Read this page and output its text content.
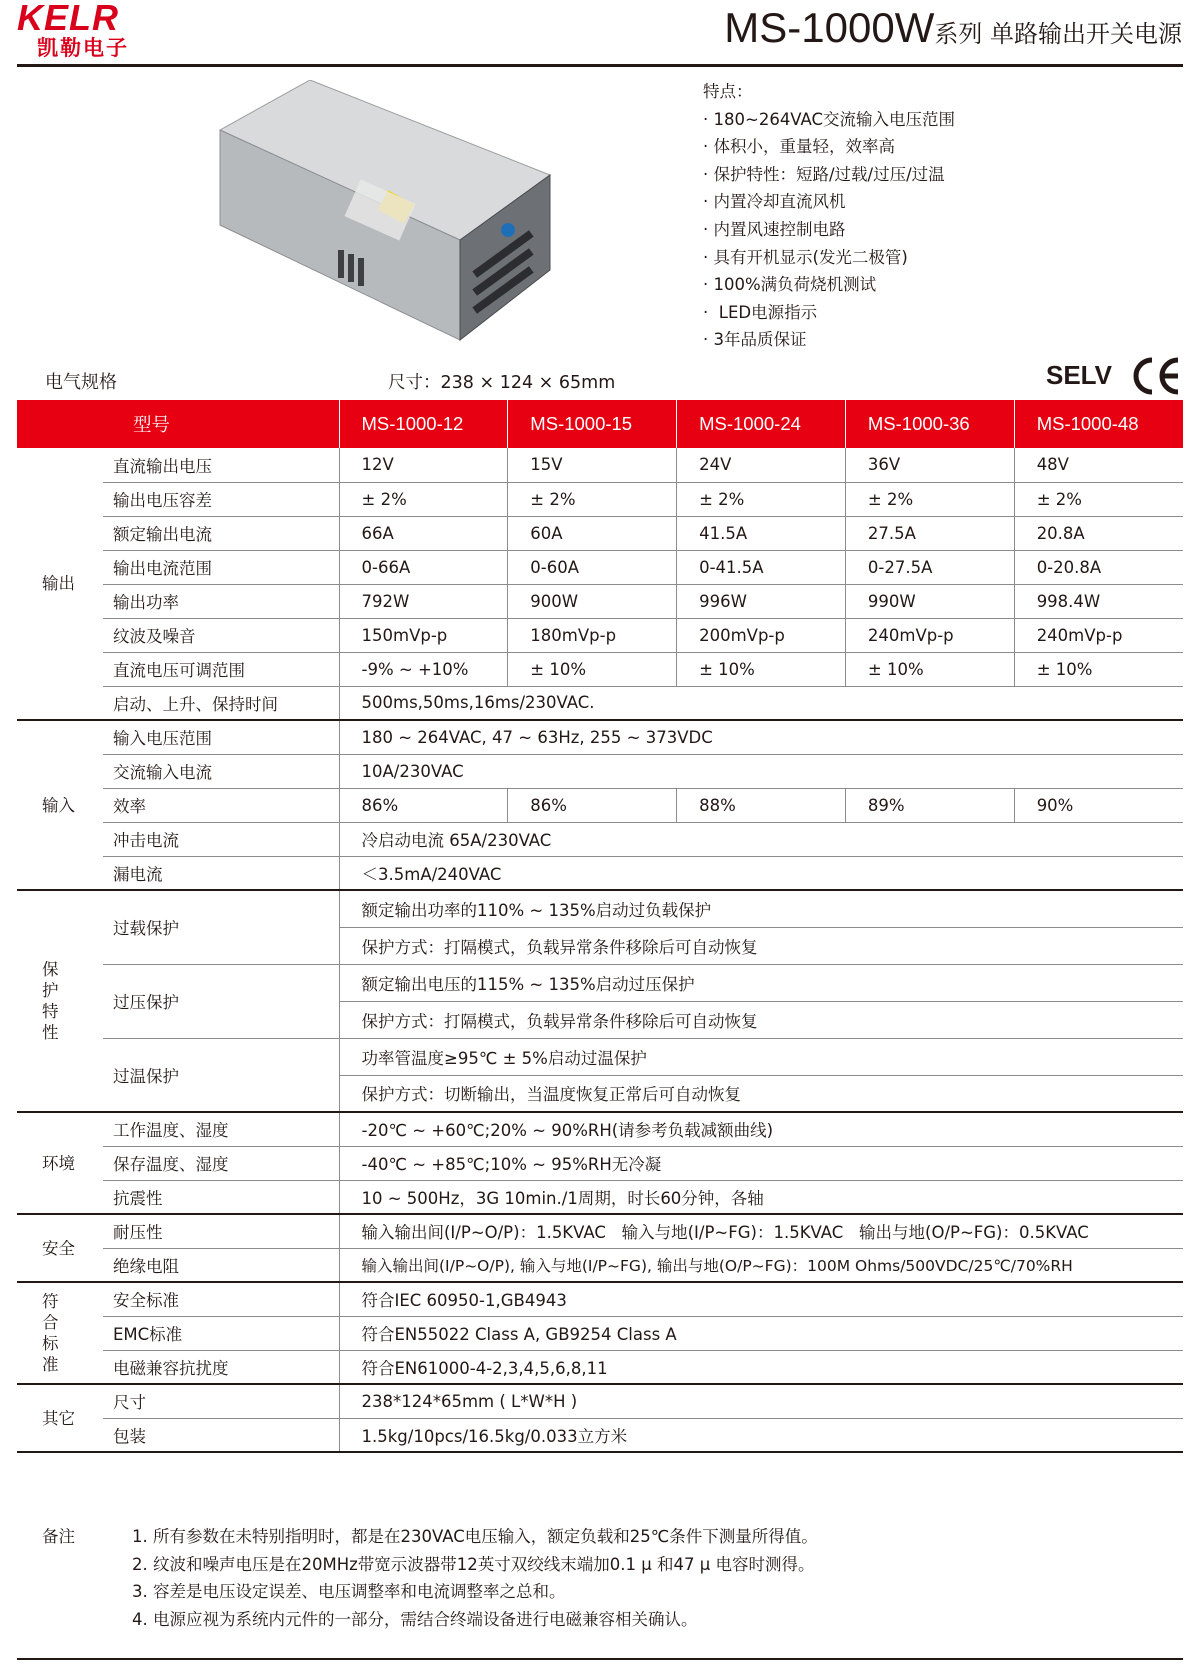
KELR
凯勒电子	MS-1000W系列 单路输出开关电源
特点：
· 180~264VAC交流输入电压范围
· 体积小，重量轻，效率高
· 保护特性：短路/过载/过压/过温
· 内置冷却直流风机
· 内置风速控制电路
· 具有开机显示(发光二极管)
· 100%满负荷烧机测试
· LED电源指示
· 3年品质保证
电气规格	尺寸：238 × 124 × 65mm	SELV
	型号	MS-1000-12	MS-1000-15	MS-1000-24	MS-1000-36	MS-1000-48
输出	直流输出电压	12V	15V	24V	36V	48V
	输出电压容差	± 2%	± 2%	± 2%	± 2%	± 2%
	额定输出电流	66A	60A	41.5A	27.5A	20.8A
	输出电流范围	0-66A	0-60A	0-41.5A	0-27.5A	0-20.8A
	输出功率	792W	900W	996W	990W	998.4W
	纹波及噪音	150mVp-p	180mVp-p	200mVp-p	240mVp-p	240mVp-p
	直流电压可调范围	-9% ~ +10%	± 10%	± 10%	± 10%	± 10%
	启动、上升、保持时间	500ms,50ms,16ms/230VAC.				
输入	输入电压范围	180 ~ 264VAC, 47 ~ 63Hz, 255 ~ 373VDC				
	交流输入电流	10A/230VAC				
	效率	86%	86%	88%	89%	90%
	冲击电流	冷启动电流 65A/230VAC				
	漏电流	＜3.5mA/240VAC				
保护特性	过载保护	额定输出功率的110% ~ 135%启动过负载保护				
		保护方式：打隔模式，负载异常条件移除后可自动恢复				
	过压保护	额定输出电压的115% ~ 135%启动过压保护				
		保护方式：打隔模式，负载异常条件移除后可自动恢复				
	过温保护	功率管温度≥95℃ ± 5%启动过温保护				
		保护方式：切断输出，当温度恢复正常后可自动恢复				
环境	工作温度、湿度	-20℃ ~ +60℃;20% ~ 90%RH(请参考负载减额曲线)				
	保存温度、湿度	-40℃ ~ +85℃;10% ~ 95%RH无冷凝				
	抗震性	10 ~ 500Hz，3G 10min./1周期，时长60分钟，各轴				
安全	耐压性	输入输出间(I/P~O/P)：1.5KVAC   输入与地(I/P~FG)：1.5KVAC   输出与地(O/P~FG)：0.5KVAC				
	绝缘电阻	输入输出间(I/P~O/P), 输入与地(I/P~FG), 输出与地(O/P~FG)：100M Ohms/500VDC/25℃/70%RH				
符合标准	安全标准	符合IEC 60950-1,GB4943				
	EMC标准	符合EN55022 Class A, GB9254 Class A				
	电磁兼容抗扰度	符合EN61000-4-2,3,4,5,6,8,11				
其它	尺寸	238*124*65mm ( L*W*H )				
	包装	1.5kg/10pcs/16.5kg/0.033立方米				
备注	1. 所有参数在未特别指明时，都是在230VAC电压输入，额定负载和25℃条件下测量所得值。
2. 纹波和噪声电压是在20MHz带宽示波器带12英寸双绞线末端加0.1 μ 和47 μ 电容时测得。
3. 容差是电压设定误差、电压调整率和电流调整率之总和。
4. 电源应视为系统内元件的一部分，需结合终端设备进行电磁兼容相关确认。
